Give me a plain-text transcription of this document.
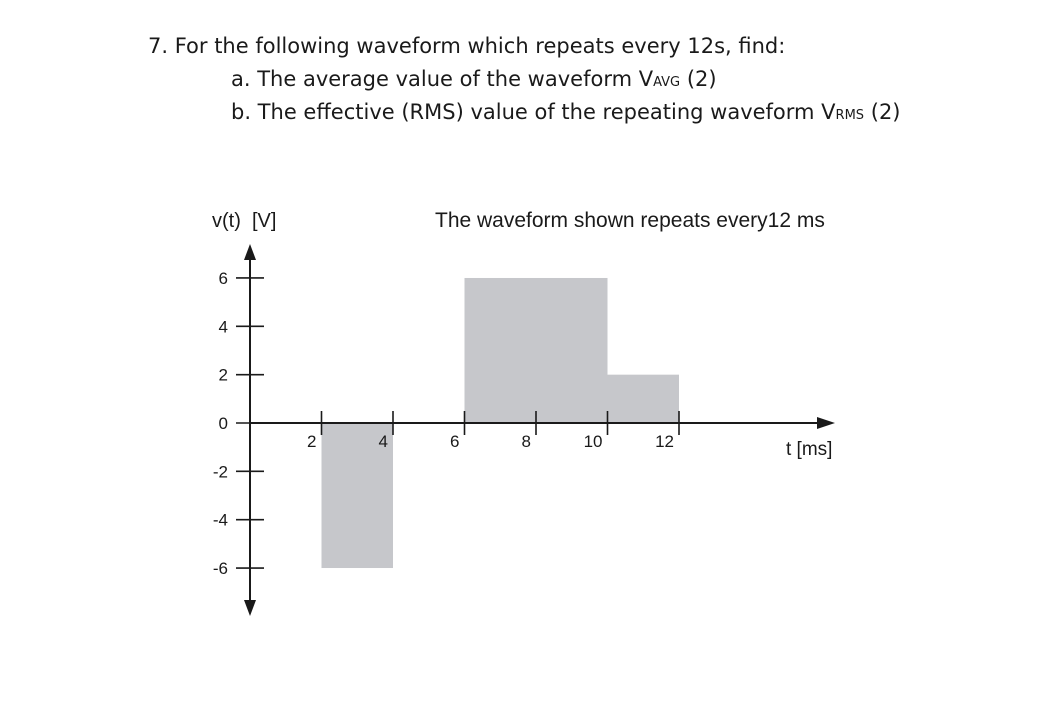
7. For the following waveform which repeats every 12s, find:
a. The average value of the waveform VAVG (2)
b. The effective (RMS) value of the repeating waveform VRMS (2)
6
4
2
0
-2
-4
-6
2	4	6	8	10	12
The waveform shown repeats every12 ms
v(t)  [V]
t [ms]
